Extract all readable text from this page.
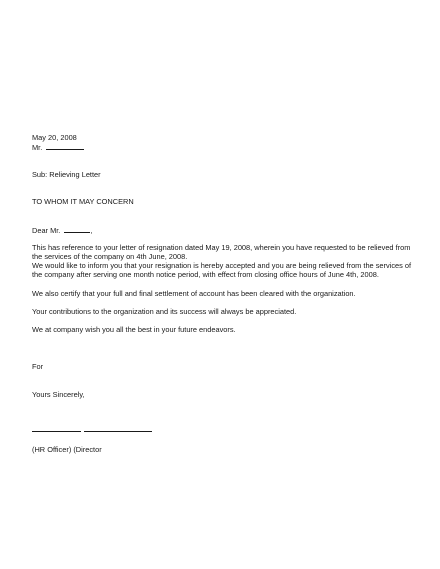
May 20, 2008
Mr.
Sub: Relieving Letter
TO WHOM IT MAY CONCERN
Dear Mr.	,
This has reference to your letter of resignation dated May 19, 2008, wherein you have requested to be relieved from
the services of the company on 4th June, 2008.
We would like to inform you that your resignation is hereby accepted and you are being relieved from the services of
the company after serving one month notice period, with effect from closing office hours of June 4th, 2008.
We also certify that your full and final settlement of account has been cleared with the organization.
Your contributions to the organization and its success will always be appreciated.
We at company wish you all the best in your future endeavors.
For
Yours Sincerely,
(HR Officer) (Director
